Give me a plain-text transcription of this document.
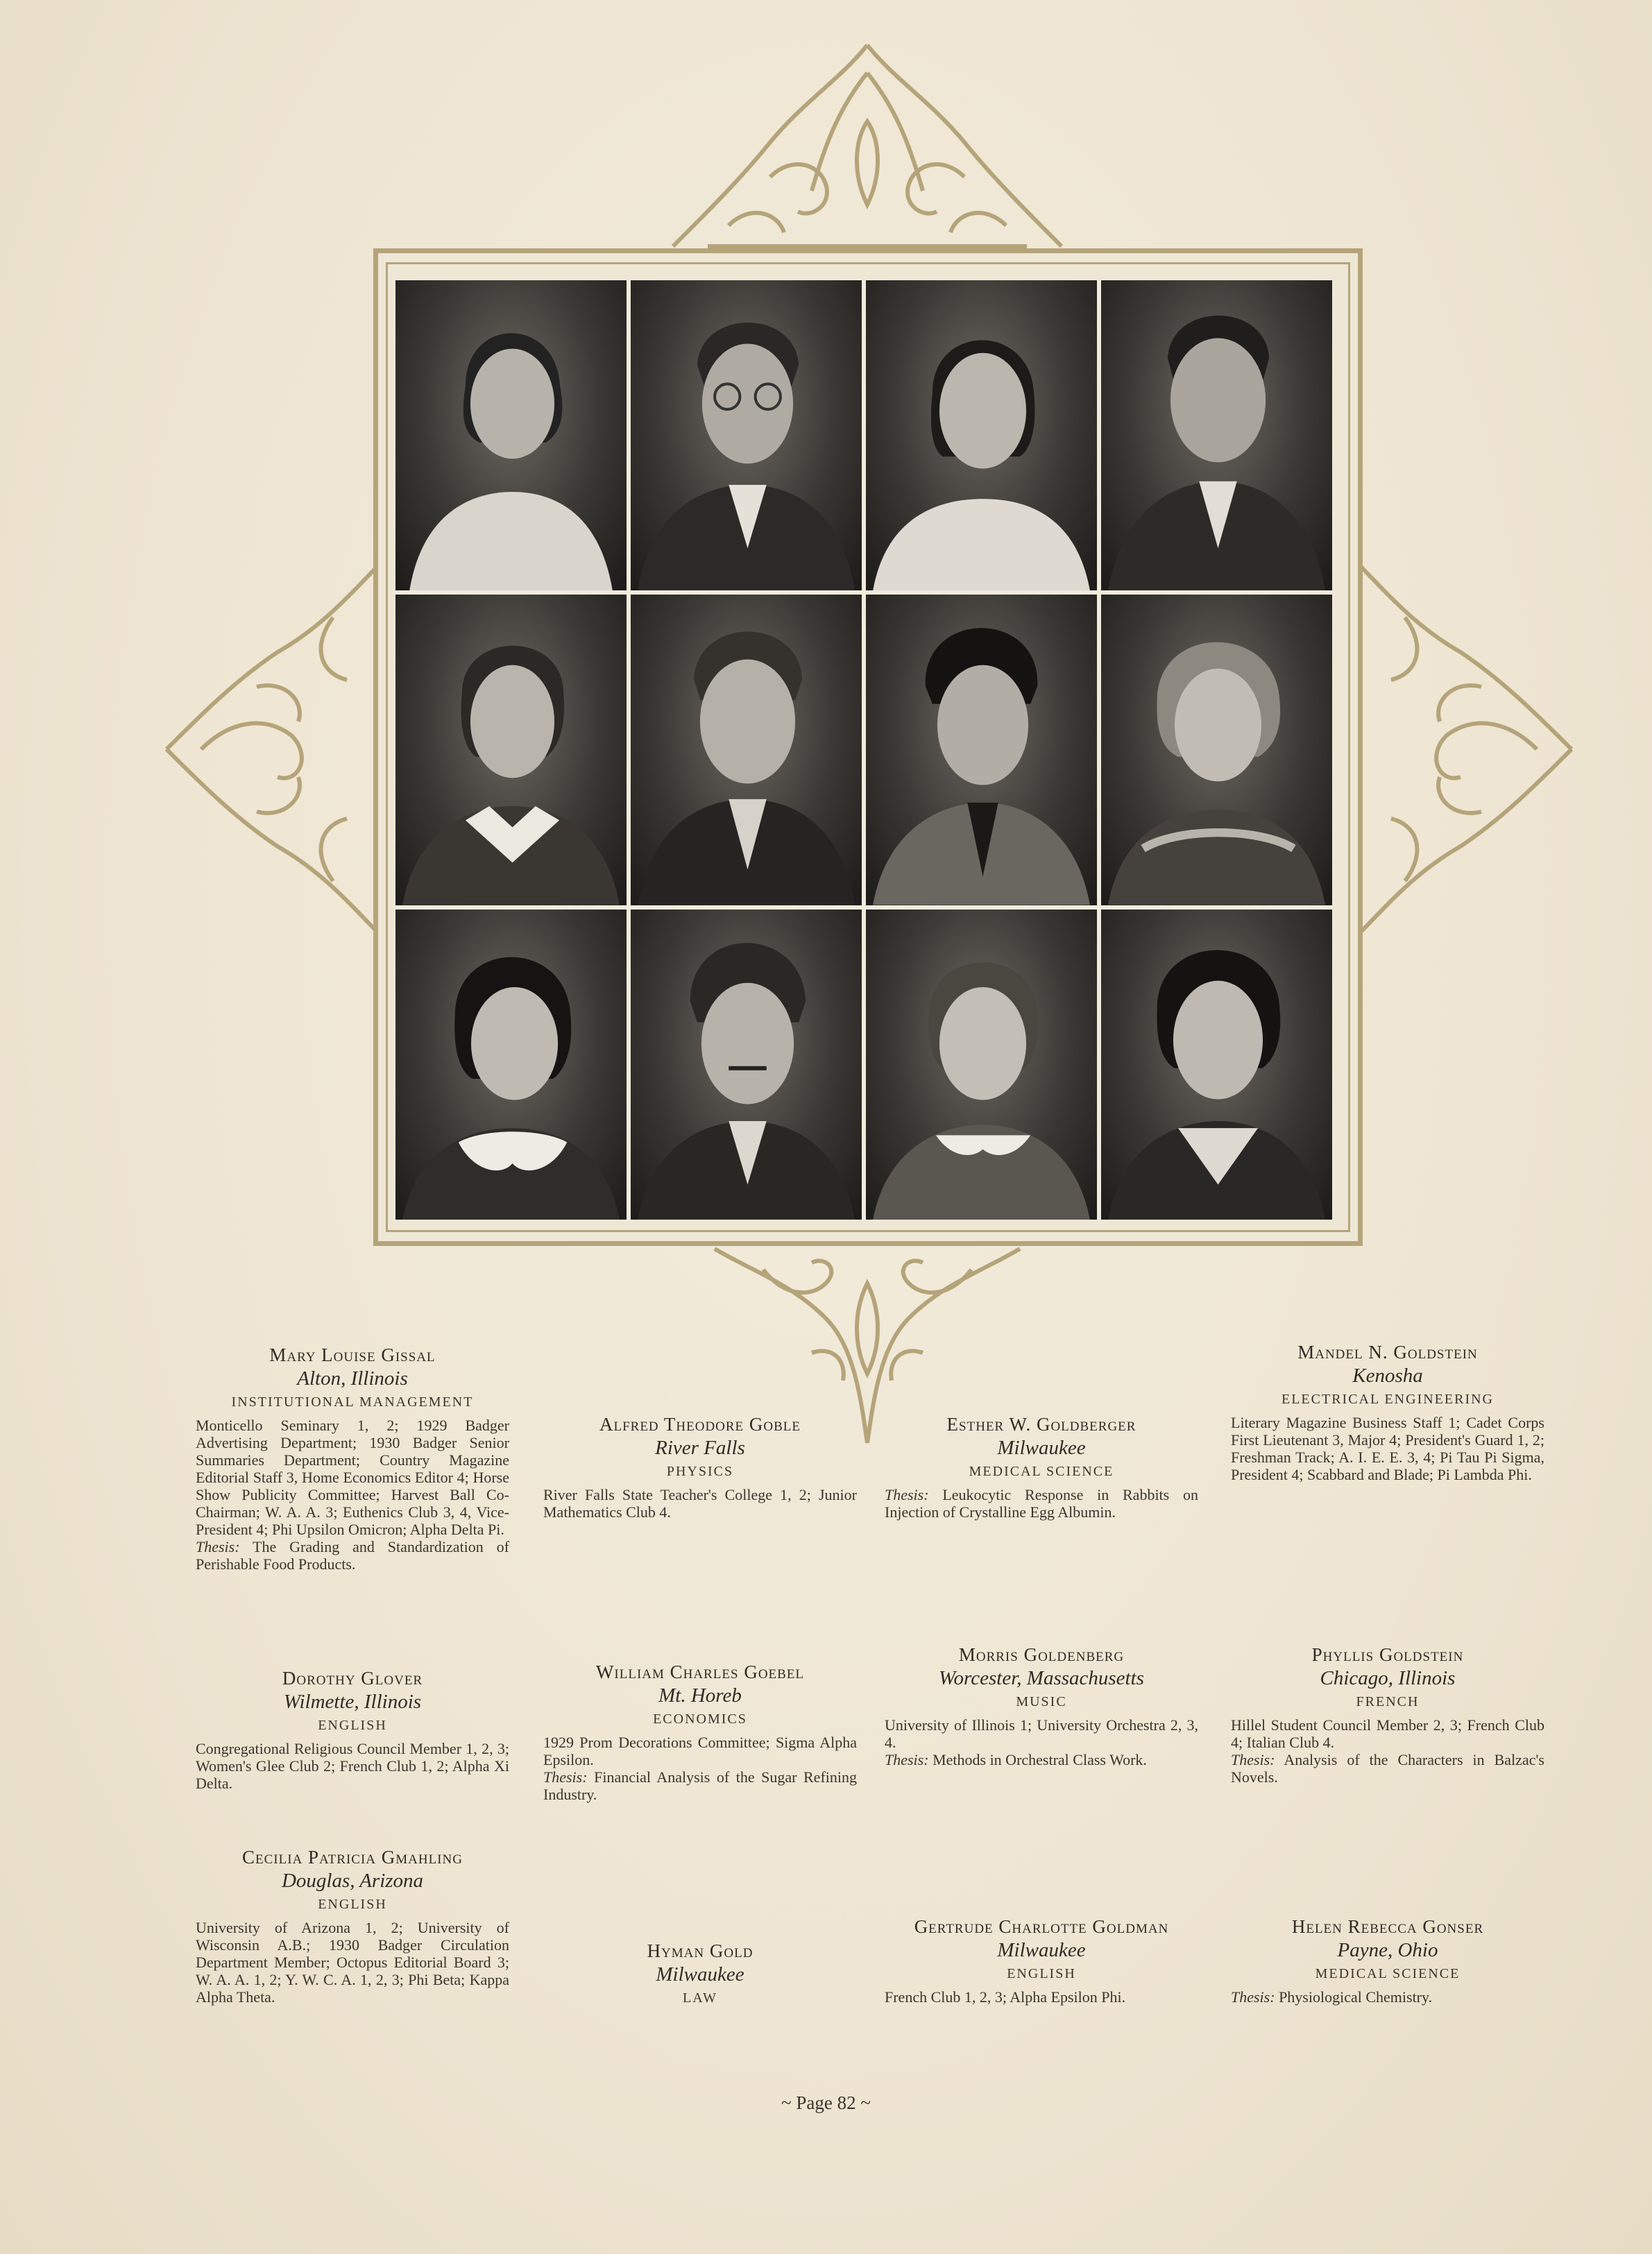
Mary Louise Gissal
Alton, Illinois
INSTITUTIONAL MANAGEMENT
Monticello Seminary 1, 2; 1929 Badger Advertising Department; 1930 Badger Senior Summaries Department; Country Magazine Editorial Staff 3, Home Economics Editor 4; Horse Show Publicity Committee; Harvest Ball Co-Chairman; W. A. A. 3; Euthenics Club 3, 4, Vice-President 4; Phi Upsilon Omicron; Alpha Delta Pi.
Thesis: The Grading and Standardization of Perishable Food Products.
Alfred Theodore Goble
River Falls
PHYSICS
River Falls State Teacher's College 1, 2; Junior Mathematics Club 4.
Esther W. Goldberger
Milwaukee
MEDICAL SCIENCE
Thesis: Leukocytic Response in Rabbits on Injection of Crystalline Egg Albumin.
Mandel N. Goldstein
Kenosha
ELECTRICAL ENGINEERING
Literary Magazine Business Staff 1; Cadet Corps First Lieutenant 3, Major 4; President's Guard 1, 2; Freshman Track; A. I. E. E. 3, 4; Pi Tau Pi Sigma, President 4; Scabbard and Blade; Pi Lambda Phi.
Dorothy Glover
Wilmette, Illinois
ENGLISH
Congregational Religious Council Member 1, 2, 3; Women's Glee Club 2; French Club 1, 2; Alpha Xi Delta.
William Charles Goebel
Mt. Horeb
ECONOMICS
1929 Prom Decorations Committee; Sigma Alpha Epsilon.
Thesis: Financial Analysis of the Sugar Refining Industry.
Morris Goldenberg
Worcester, Massachusetts
MUSIC
University of Illinois 1; University Orchestra 2, 3, 4.
Thesis: Methods in Orchestral Class Work.
Phyllis Goldstein
Chicago, Illinois
FRENCH
Hillel Student Council Member 2, 3; French Club 4; Italian Club 4.
Thesis: Analysis of the Characters in Balzac's Novels.
Cecilia Patricia Gmahling
Douglas, Arizona
ENGLISH
University of Arizona 1, 2; University of Wisconsin A.B.; 1930 Badger Circulation Department Member; Octopus Editorial Board 3; W. A. A. 1, 2; Y. W. C. A. 1, 2, 3; Phi Beta; Kappa Alpha Theta.
Hyman Gold
Milwaukee
LAW
Gertrude Charlotte Goldman
Milwaukee
ENGLISH
French Club 1, 2, 3; Alpha Epsilon Phi.
Helen Rebecca Gonser
Payne, Ohio
MEDICAL SCIENCE
Thesis: Physiological Chemistry.
~ Page 82 ~
